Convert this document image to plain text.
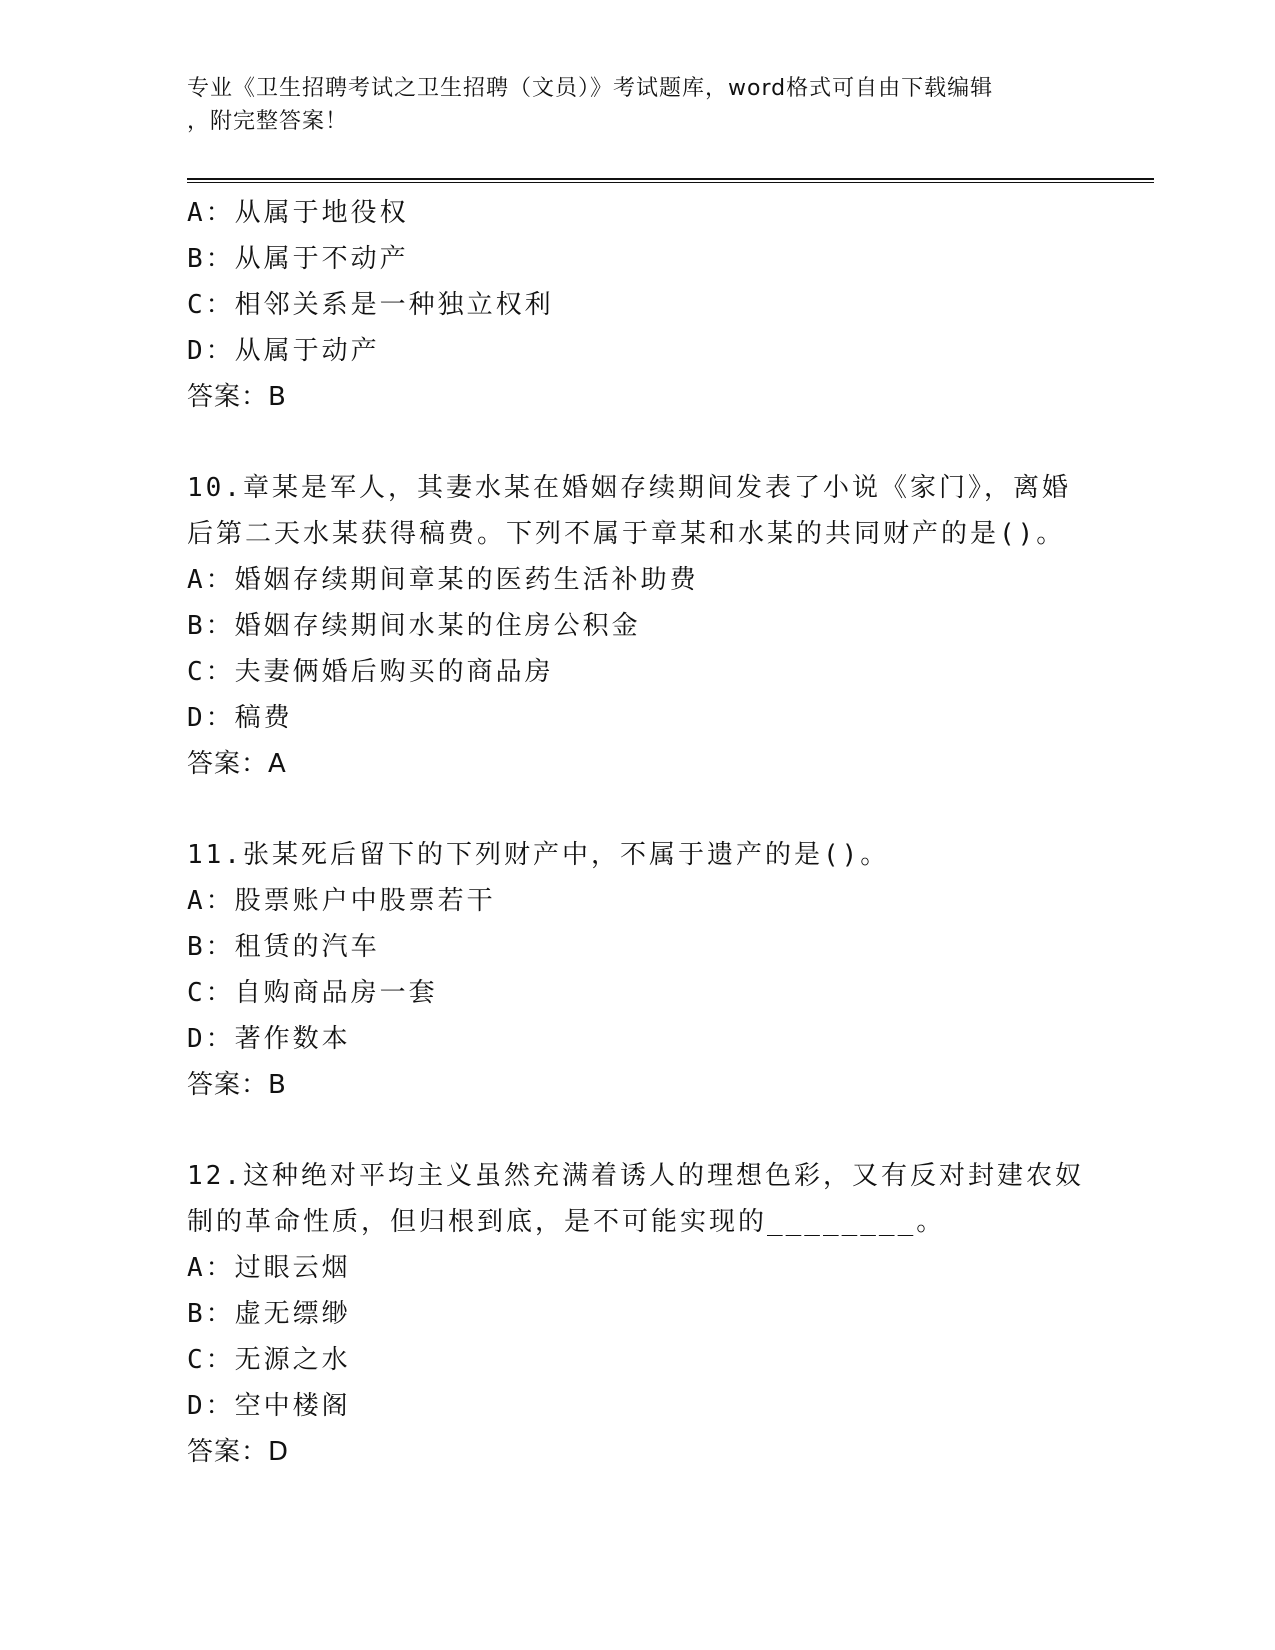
专业《卫生招聘考试之卫生招聘（文员）》考试题库，word格式可自由下载编辑
，附完整答案！
A：从属于地役权
B：从属于不动产
C：相邻关系是一种独立权利
D：从属于动产
答案：B
10.章某是军人，其妻水某在婚姻存续期间发表了小说《家门》，离婚
后第二天水某获得稿费。下列不属于章某和水某的共同财产的是()。
A：婚姻存续期间章某的医药生活补助费
B：婚姻存续期间水某的住房公积金
C：夫妻俩婚后购买的商品房
D：稿费
答案：A
11.张某死后留下的下列财产中，不属于遗产的是()。
A：股票账户中股票若干
B：租赁的汽车
C：自购商品房一套
D：著作数本
答案：B
12.这种绝对平均主义虽然充满着诱人的理想色彩，又有反对封建农奴
制的革命性质，但归根到底，是不可能实现的________。
A：过眼云烟
B：虚无缥缈
C：无源之水
D：空中楼阁
答案：D
